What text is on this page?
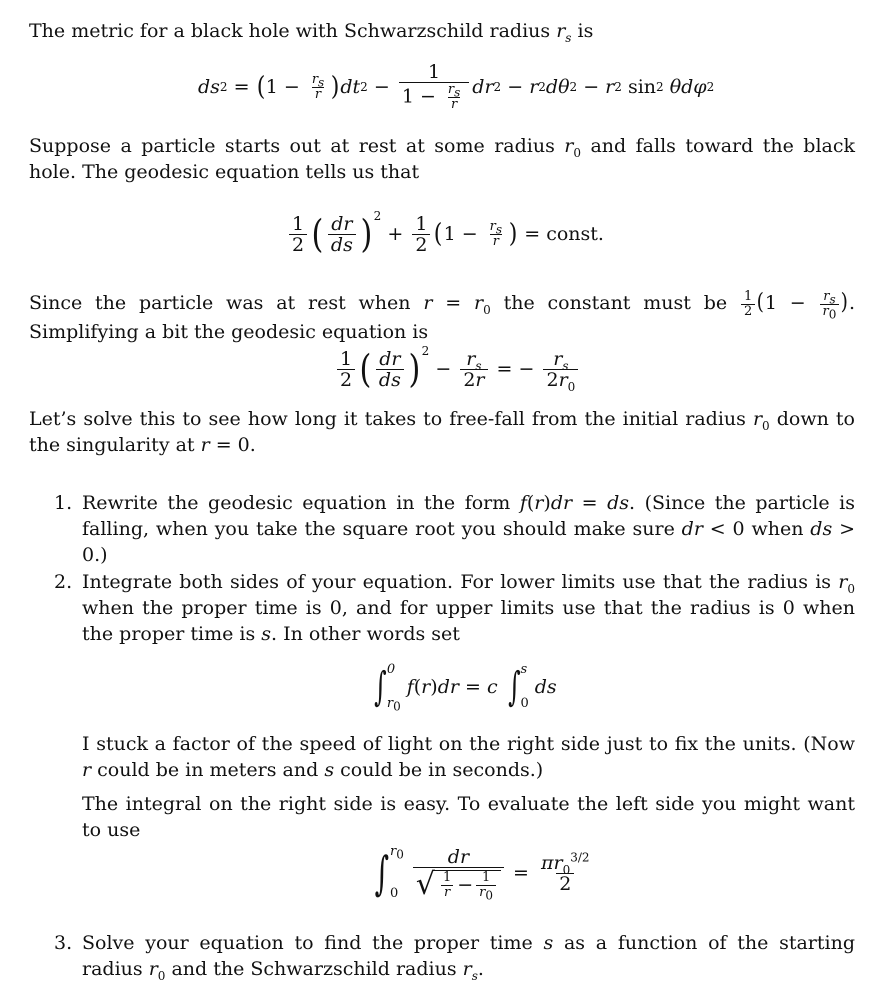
The metric for a black hole with Schwarzschild radius $r_s$ is

ds 2 = ( $1 - \frac{r_s}{r}$ ) dt $2 - \frac{1}{1 - \frac{r_s}{r}}$ dr 2 − r 2 dθ 2 − r 2 sin 2
θdφ 2

Suppose a particle starts out at rest at some radius $r_0$ and falls toward the black hole. The geodesic equation tells us that

$\frac{1}{2}$ ( $\frac{dr}{ds} )^2$
+ $\frac{1}{2}$ ( $1 - \frac{r_s}{r}$ ) = const.

Since the particle was at rest when $r = r_0$ the constant must be $\frac{1}{2} (1 - \frac{r_s}{r_0}$ ). Simplifying a bit the geodesic equation is

$\frac{1}{2}$ ( $\frac{dr}{ds} )^2$
− $\frac{r_s}{2r}$ = − $\frac{r_s}{2r_0}$

Let’s solve this to see how long it takes to free-fall from the initial radius $r_0$ down to the singularity at r = 0.

1. Rewrite the geodesic equation in the form f(r)dr = ds. (Since the particle is falling, when you take the square root you should make sure dr < 0 when ds > 0.)

2. Integrate both sides of your equation. For lower limits use that the radius is $r_0$ when the proper time is 0, and for upper limits use that the radius is 0 when the proper time is s. In other words set

∫ 0
$r_0$
f ( r ) dr = c
∫ s
0
ds

I stuck a factor of the speed of light on the right side just to fix the units. (Now r could be in meters and s could be in seconds.)

The integral on the right side is easy. To evaluate the left side you might want to use

∫ $r_0$
$0 \frac{dr}{√ \frac{1}{r} - \frac{1}{r_0}} = \frac{\pi r_0^{3/2}}{2}$

3. Solve your equation to find the proper time s as a function of the starting radius $r_0$ and the Schwarzschild radius $r_s$.
